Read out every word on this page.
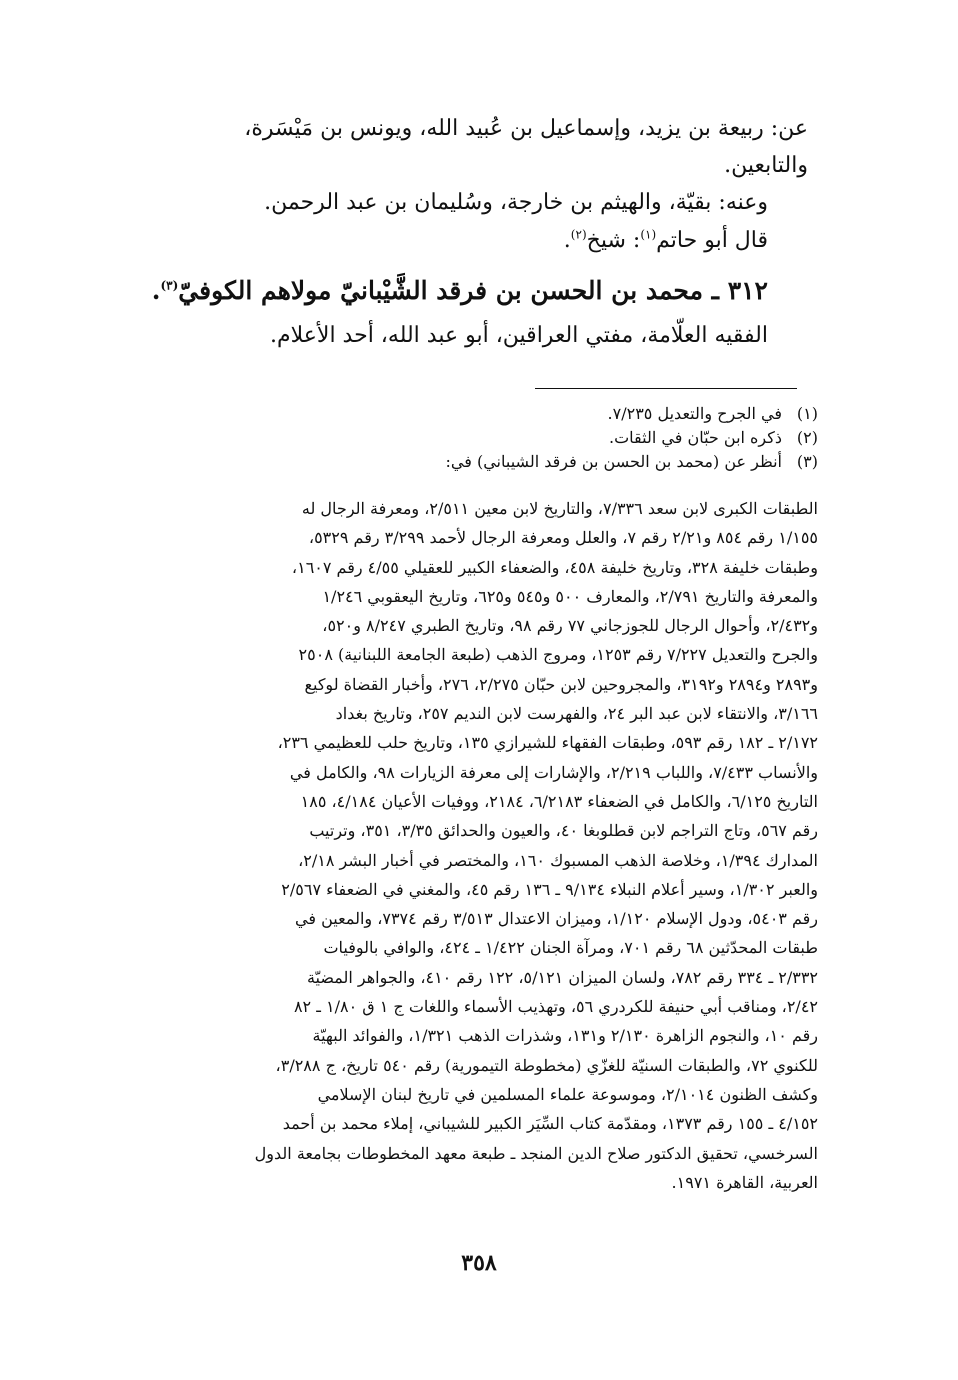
عن: ربيعة بن يزيد، وإسماعيل بن عُبيد الله، ويونس بن مَيْسَرة،
والتابعين.
وعنه: بقيّة، والهيثم بن خارجة، وسُليمان بن عبد الرحمن.
قال أبو حاتم$^{(١)}$: شيخ$^{(٢)}$.
٣١٢ ـ محمد بن الحسن بن فرقد الشَّيْبانيّ مولاهم الكوفيّ$^{(٣)}$.
الفقيه العلّامة، مفتي العراقين، أبو عبد الله، أحد الأعلام.
(١)
في الجرح والتعديل ٧/٢٣٥.
(٢)
ذكره ابن حبّان في الثقات.
(٣)
أنظر عن (محمد بن الحسن بن فرقد الشيباني) في:
الطبقات الكبرى لابن سعد ٧/٣٣٦، والتاريخ لابن معين ٢/٥١١، ومعرفة الرجال له
١/١٥٥ رقم ٨٥٤ و٢/٢١ رقم ٧، والعلل ومعرفة الرجال لأحمد ٣/٢٩٩ رقم ٥٣٢٩،
وطبقات خليفة ٣٢٨، وتاريخ خليفة ٤٥٨، والضعفاء الكبير للعقيلي ٤/٥٥ رقم ١٦٠٧،
والمعرفة والتاريخ ٢/٧٩١، والمعارف ٥٠٠ و٥٤٥ و٦٢٥، وتاريخ اليعقوبي ١/٢٤٦
و٢/٤٣٢، وأحوال الرجال للجوزجاني ٧٧ رقم ٩٨، وتاريخ الطبري ٨/٢٤٧ و٥٢٠،
والجرح والتعديل ٧/٢٢٧ رقم ١٢٥٣، ومروج الذهب (طبعة الجامعة اللبنانية) ٢٥٠٨
و٢٨٩٣ و٢٨٩٤ و٣١٩٢، والمجروحين لابن حبّان ٢/٢٧٥، ٢٧٦، وأخبار القضاة لوكيع
٣/١٦٦، والانتقاء لابن عبد البر ٢٤، والفهرست لابن النديم ٢٥٧، وتاريخ بغداد
٢/١٧٢ ـ ١٨٢ رقم ٥٩٣، وطبقات الفقهاء للشيرازي ١٣٥، وتاريخ حلب للعظيمي ٢٣٦،
والأنساب ٧/٤٣٣، واللباب ٢/٢١٩، والإشارات إلى معرفة الزيارات ٩٨، والكامل في
التاريخ ٦/١٢٥، والكامل في الضعفاء ٦/٢١٨٣، ٢١٨٤، ووفيات الأعيان ٤/١٨٤، ١٨٥
رقم ٥٦٧، وتاج التراجم لابن قطلوبغا ٤٠، والعيون والحدائق ٣/٣٥، ٣٥١، وترتيب
المدارك ١/٣٩٤، وخلاصة الذهب المسبوك ١٦٠، والمختصر في أخبار البشر ٢/١٨،
والعبر ١/٣٠٢، وسير أعلام النبلاء ٩/١٣٤ ـ ١٣٦ رقم ٤٥، والمغني في الضعفاء ٢/٥٦٧
رقم ٥٤٠٣، ودول الإسلام ١/١٢٠، وميزان الاعتدال ٣/٥١٣ رقم ٧٣٧٤، والمعين في
طبقات المحدّثين ٦٨ رقم ٧٠١، ومرآة الجنان ١/٤٢٢ ـ ٤٢٤، والوافي بالوفيات
٢/٣٣٢ ـ ٣٣٤ رقم ٧٨٢، ولسان الميزان ٥/١٢١، ١٢٢ رقم ٤١٠، والجواهر المضيّة
٢/٤٢، ومناقب أبي حنيفة للكردري ٥٦، وتهذيب الأسماء واللغات ج ١ ق ١/٨٠ ـ ٨٢
رقم ١٠، والنجوم الزاهرة ٢/١٣٠ و١٣١، وشذرات الذهب ١/٣٢١، والفوائد البهيّة
للكنوي ٧٢، والطبقات السنيّة للغزّي (مخطوطة التيمورية) رقم ٥٤٠ تاريخ، ج ٣/٢٨٨،
وكشف الظنون ٢/١٠١٤، وموسوعة علماء المسلمين في تاريخ لبنان الإسلامي
٤/١٥٢ ـ ١٥٥ رقم ١٣٧٣، ومقدّمة كتاب السِّيَر الكبير للشيباني، إملاء محمد بن أحمد
السرخسي، تحقيق الدكتور صلاح الدين المنجد ـ طبعة معهد المخطوطات بجامعة الدول
العربية، القاهرة ١٩٧١.
٣٥٨
